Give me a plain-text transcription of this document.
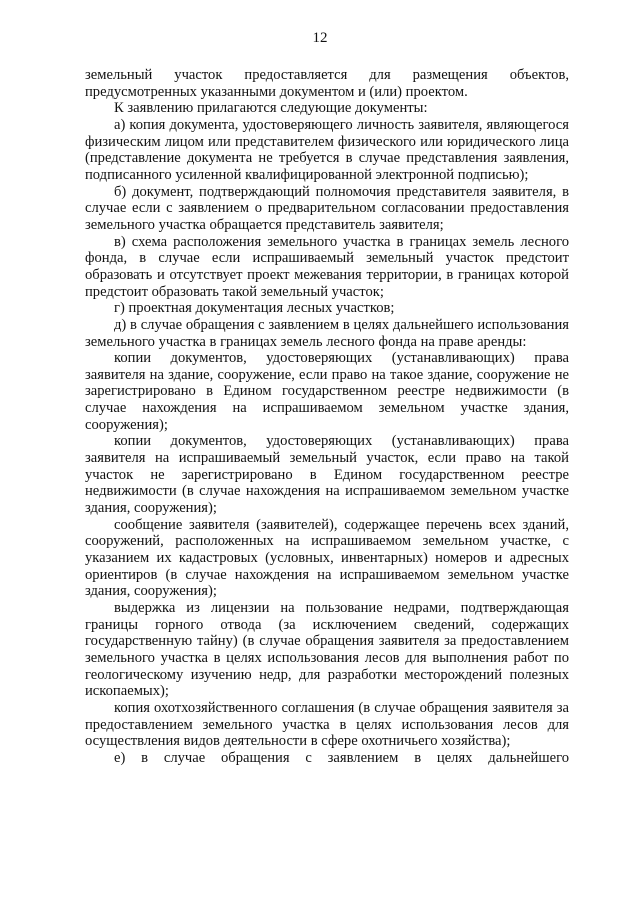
12

земельный участок предоставляется для размещения объектов, предусмотренных указанными документом и (или) проектом.

К заявлению прилагаются следующие документы:

а) копия документа, удостоверяющего личность заявителя, являющегося физическим лицом или представителем физического или юридического лица (представление документа не требуется в случае представления заявления, подписанного усиленной квалифицированной электронной подписью);

б) документ, подтверждающий полномочия представителя заявителя, в случае если с заявлением о предварительном согласовании предоставления земельного участка обращается представитель заявителя;

в) схема расположения земельного участка в границах земель лесного фонда, в случае если испрашиваемый земельный участок предстоит образовать и отсутствует проект межевания территории, в границах которой предстоит образовать такой земельный участок;

г) проектная документация лесных участков;

д) в случае обращения с заявлением в целях дальнейшего использования земельного участка в границах земель лесного фонда на праве аренды:

копии документов, удостоверяющих (устанавливающих) права заявителя на здание, сооружение, если право на такое здание, сооружение не зарегистрировано в Едином государственном реестре недвижимости (в случае нахождения на испрашиваемом земельном участке здания, сооружения);

копии документов, удостоверяющих (устанавливающих) права заявителя на испрашиваемый земельный участок, если право на такой участок не зарегистрировано в Едином государственном реестре недвижимости (в случае нахождения на испрашиваемом земельном участке здания, сооружения);

сообщение заявителя (заявителей), содержащее перечень всех зданий, сооружений, расположенных на испрашиваемом земельном участке, с указанием их кадастровых (условных, инвентарных) номеров и адресных ориентиров (в случае нахождения на испрашиваемом земельном участке здания, сооружения);

выдержка из лицензии на пользование недрами, подтверждающая границы горного отвода (за исключением сведений, содержащих государственную тайну) (в случае обращения заявителя за предоставлением земельного участка в целях использования лесов для выполнения работ по геологическому изучению недр, для разработки месторождений полезных ископаемых);

копия охотхозяйственного соглашения (в случае обращения заявителя за предоставлением земельного участка в целях использования лесов для осуществления видов деятельности в сфере охотничьего хозяйства);

е) в случае обращения с заявлением в целях дальнейшего
